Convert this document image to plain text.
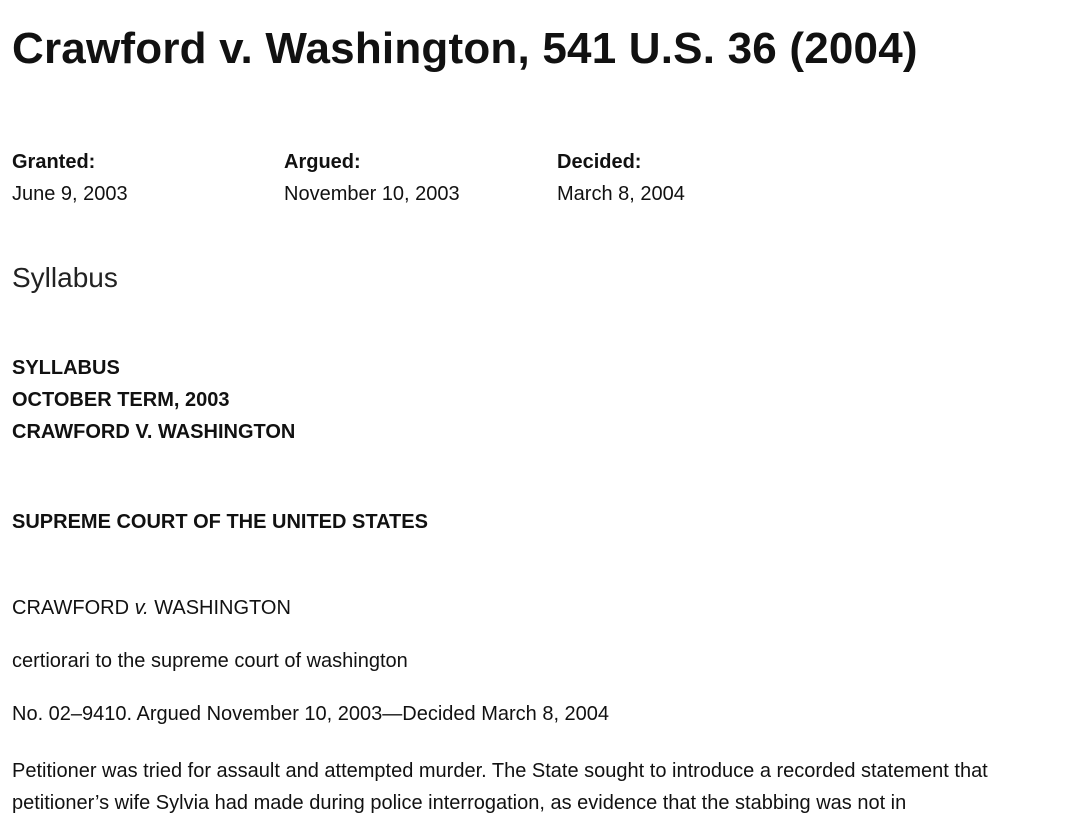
Crawford v. Washington, 541 U.S. 36 (2004)
Granted:
June 9, 2003
Argued:
November 10, 2003
Decided:
March 8, 2004
Syllabus
SYLLABUS
OCTOBER TERM, 2003
CRAWFORD V. WASHINGTON
SUPREME COURT OF THE UNITED STATES
CRAWFORD v. WASHINGTON
certiorari to the supreme court of washington
No. 02–9410. Argued November 10, 2003—Decided March 8, 2004

Petitioner was tried for assault and attempted murder. The State sought to introduce a recorded statement that petitioner’s wife Sylvia had made during police interrogation, as evidence that the stabbing was not in
